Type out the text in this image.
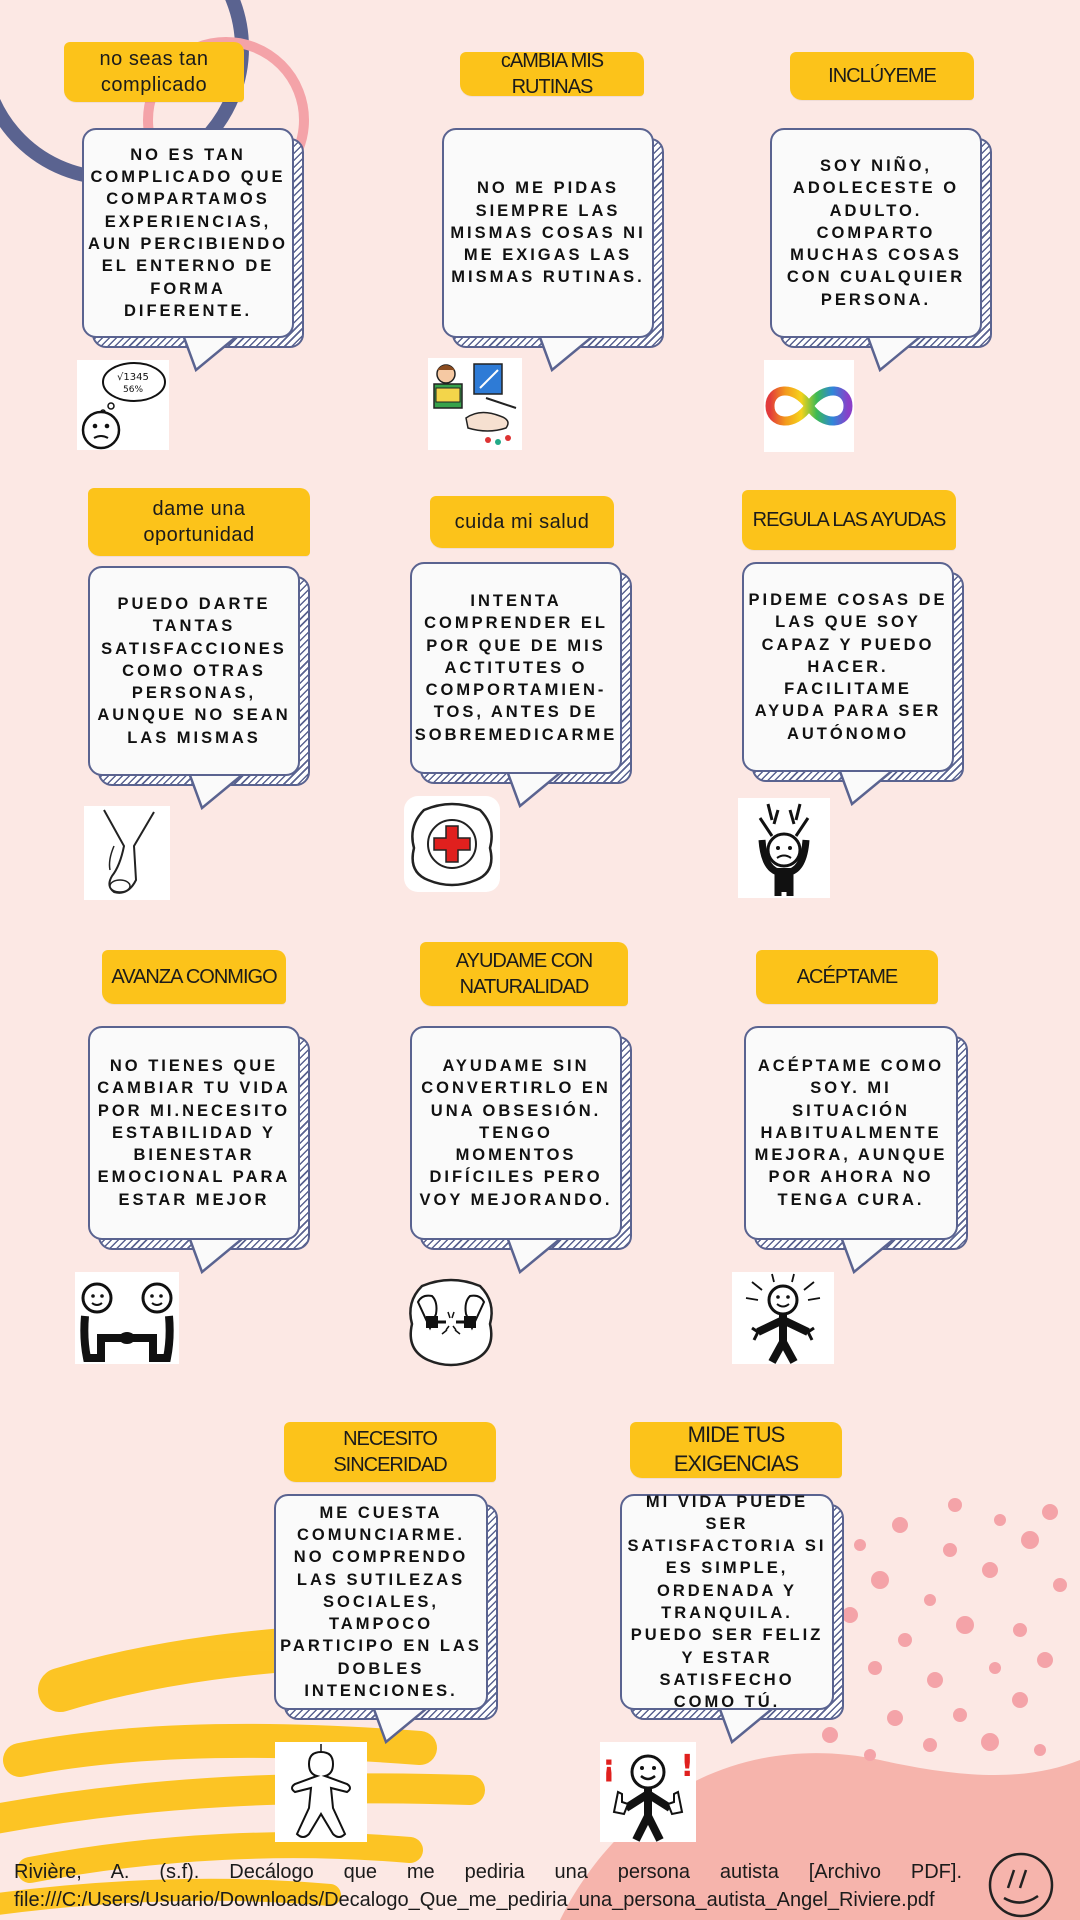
no seas tan complicado
cAMBIA MIS RUTINAS	INCLÚYEME
NO ES TAN COMPLICADO QUE COMPARTAMOS EXPERIENCIAS, AUN PERCIBIENDO EL ENTERNO DE FORMA DIFERENTE.
NO ME PIDAS SIEMPRE LAS MISMAS COSAS NI ME EXIGAS LAS MISMAS RUTINAS.
SOY NIÑO, ADOLECESTE O ADULTO. COMPARTO MUCHAS COSAS CON CUALQUIER PERSONA.
√1345
56%
dame una oportunidad
cuida mi salud	REGULA LAS AYUDAS
PUEDO DARTE TANTAS SATISFACCIONES COMO OTRAS PERSONAS, AUNQUE NO SEAN LAS MISMAS
INTENTA COMPRENDER EL POR QUE DE MIS ACTITUTES O COMPORTAMIEN-TOS, ANTES DE SOBREMEDICARME
PIDEME COSAS DE LAS QUE SOY CAPAZ Y PUEDO HACER. FACILITAME AYUDA PARA SER AUTÓNOMO
AVANZA CONMIGO
AYUDAME CON NATURALIDAD	ACÉPTAME
NO TIENES QUE CAMBIAR TU VIDA POR MI.NECESITO ESTABILIDAD Y BIENESTAR EMOCIONAL PARA ESTAR MEJOR
AYUDAME SIN CONVERTIRLO EN UNA OBSESIÓN. TENGO MOMENTOS DIFÍCILES PERO VOY MEJORANDO.
ACÉPTAME COMO SOY. MI SITUACIÓN HABITUALMENTE MEJORA, AUNQUE POR AHORA NO TENGA CURA.
NECESITO SINCERIDAD
MIDE TUS EXIGENCIAS
ME CUESTA COMUNCIARME. NO COMPRENDO LAS SUTILEZAS SOCIALES, TAMPOCO PARTICIPO EN LAS DOBLES INTENCIONES.
MI VIDA PUEDE SER SATISFACTORIA SI ES SIMPLE, ORDENADA Y TRANQUILA. PUEDO SER FELIZ Y ESTAR SATISFECHO COMO TÚ.
¡!
Rivière, A. (s.f). Decálogo que me pediria una persona autista [Archivo PDF].
file:///C:/Users/Usuario/Downloads/Decalogo_Que_me_pediria_una_persona_autista_Angel_Riviere.pdf
